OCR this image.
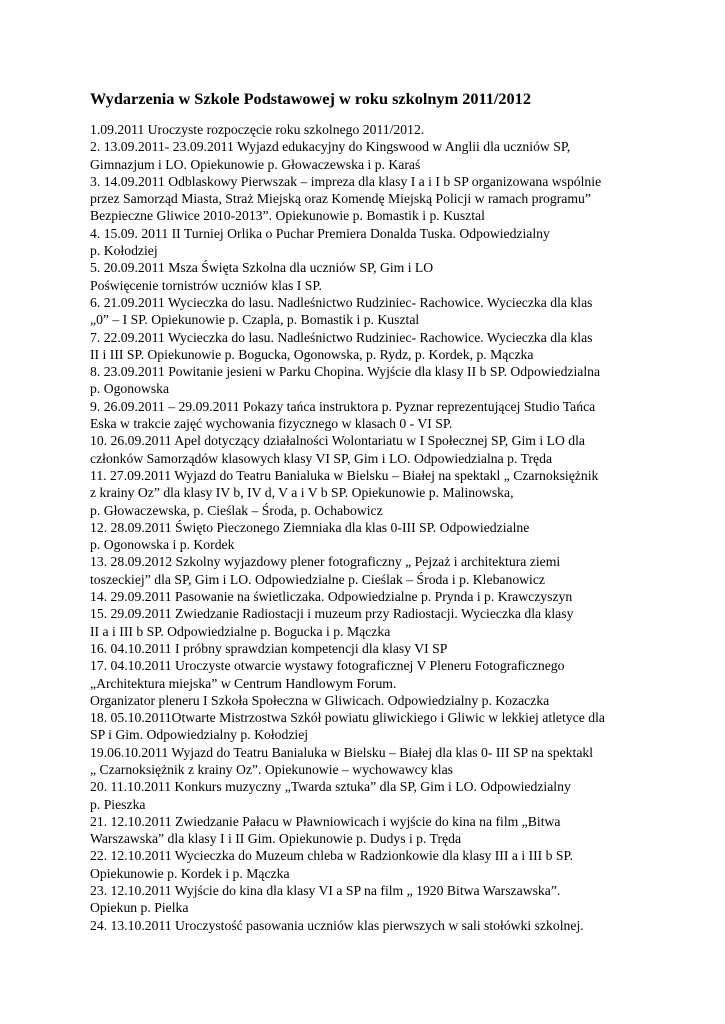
Wydarzenia w Szkole Podstawowej w roku szkolnym 2011/2012
1.09.2011 Uroczyste rozpoczęcie roku szkolnego 2011/2012.
2. 13.09.2011- 23.09.2011 Wyjazd edukacyjny do Kingswood w Anglii dla uczniów SP,
Gimnazjum i LO. Opiekunowie p. Głowaczewska i p. Karaś
3. 14.09.2011 Odblaskowy Pierwszak – impreza dla klasy I a i I b SP organizowana wspólnie
przez Samorząd Miasta, Straż Miejską oraz Komendę Miejską Policji w ramach programu”
Bezpieczne Gliwice 2010-2013”. Opiekunowie p. Bomastik i p. Kusztal
4. 15.09. 2011 II Turniej Orlika o Puchar Premiera Donalda Tuska. Odpowiedzialny
p. Kołodziej
5. 20.09.2011 Msza Święta Szkolna dla uczniów SP, Gim i LO
Poświęcenie tornistrów uczniów klas I SP.
6. 21.09.2011 Wycieczka do lasu. Nadleśnictwo Rudziniec- Rachowice. Wycieczka dla klas
„0” – I SP. Opiekunowie p. Czapla, p. Bomastik i p. Kusztal
7. 22.09.2011 Wycieczka do lasu. Nadleśnictwo Rudziniec- Rachowice. Wycieczka dla klas
II i III SP. Opiekunowie p. Bogucka, Ogonowska, p. Rydz, p. Kordek, p. Mączka
8. 23.09.2011 Powitanie jesieni w Parku Chopina. Wyjście dla klasy II b SP. Odpowiedzialna
p. Ogonowska
9. 26.09.2011 – 29.09.2011 Pokazy tańca instruktora p. Pyznar reprezentującej Studio Tańca
Eska w trakcie zajęć wychowania fizycznego w klasach 0 - VI SP.
10. 26.09.2011 Apel dotyczący działalności Wolontariatu w I Społecznej SP, Gim i LO dla
członków Samorządów klasowych klasy VI SP, Gim i LO. Odpowiedzialna p. Tręda
11. 27.09.2011 Wyjazd do Teatru Banialuka w Bielsku – Białej na spektakl „ Czarnoksiężnik
z krainy Oz” dla klasy IV b, IV d, V a i V b SP. Opiekunowie p. Malinowska,
p. Głowaczewska, p. Cieślak – Środa, p. Ochabowicz
12. 28.09.2011 Święto Pieczonego Ziemniaka dla klas 0-III SP. Odpowiedzialne
p. Ogonowska i p. Kordek
13. 28.09.2012 Szkolny wyjazdowy plener fotograficzny „ Pejzaż i architektura ziemi
toszeckiej” dla SP, Gim i LO. Odpowiedzialne p. Cieślak – Środa i p. Klebanowicz
14. 29.09.2011 Pasowanie na świetliczaka. Odpowiedzialne p. Prynda i p. Krawczyszyn
15. 29.09.2011 Zwiedzanie Radiostacji i muzeum przy Radiostacji. Wycieczka dla klasy
II a i III b SP. Odpowiedzialne p. Bogucka i p. Mączka
16. 04.10.2011 I próbny sprawdzian kompetencji dla klasy VI SP
17. 04.10.2011 Uroczyste otwarcie wystawy fotograficznej V Pleneru Fotograficznego
„Architektura miejska” w Centrum Handlowym Forum.
Organizator pleneru I Szkoła Społeczna w Gliwicach. Odpowiedzialny p. Kozaczka
18. 05.10.2011Otwarte Mistrzostwa Szkół powiatu gliwickiego i Gliwic w lekkiej atletyce dla
SP i Gim. Odpowiedzialny p. Kołodziej
19.06.10.2011 Wyjazd do Teatru Banialuka w Bielsku – Białej dla klas 0- III SP na spektakl
„ Czarnoksiężnik z krainy Oz”. Opiekunowie – wychowawcy klas
20. 11.10.2011 Konkurs muzyczny „Twarda sztuka” dla SP, Gim i LO. Odpowiedzialny
p. Pieszka
21. 12.10.2011 Zwiedzanie Pałacu w Pławniowicach i wyjście do kina na film „Bitwa
Warszawska” dla klasy I i II Gim. Opiekunowie p. Dudys i p. Tręda
22. 12.10.2011 Wycieczka do Muzeum chleba w Radzionkowie dla klasy III a i III b SP.
Opiekunowie p. Kordek i p. Mączka
23. 12.10.2011 Wyjście do kina dla klasy VI a SP na film „ 1920 Bitwa Warszawska”.
Opiekun p. Pielka
24. 13.10.2011 Uroczystość pasowania uczniów klas pierwszych w sali stołówki szkolnej.
